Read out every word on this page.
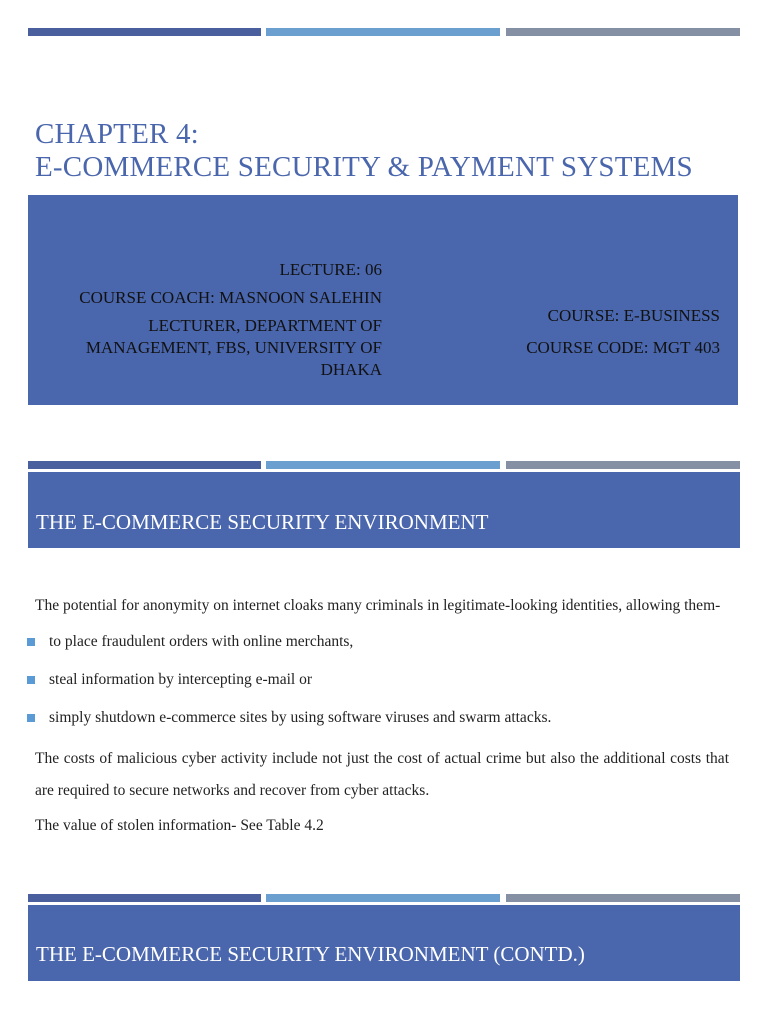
CHAPTER 4:
E-COMMERCE SECURITY & PAYMENT SYSTEMS
LECTURE: 06
COURSE COACH: MASNOON SALEHIN
LECTURER, DEPARTMENT OF MANAGEMENT, FBS, UNIVERSITY OF DHAKA
COURSE: E-BUSINESS
COURSE CODE: MGT 403
THE E-COMMERCE SECURITY ENVIRONMENT

The potential for anonymity on internet cloaks many criminals in legitimate-looking identities, allowing them-

to place fraudulent orders with online merchants,
steal information by intercepting e-mail or
simply shutdown e-commerce sites by using software viruses and swarm attacks.

The costs of malicious cyber activity include not just the cost of actual crime but also the additional costs that are required to secure networks and recover from cyber attacks.

The value of stolen information- See Table 4.2

THE E-COMMERCE SECURITY ENVIRONMENT (CONTD.)
